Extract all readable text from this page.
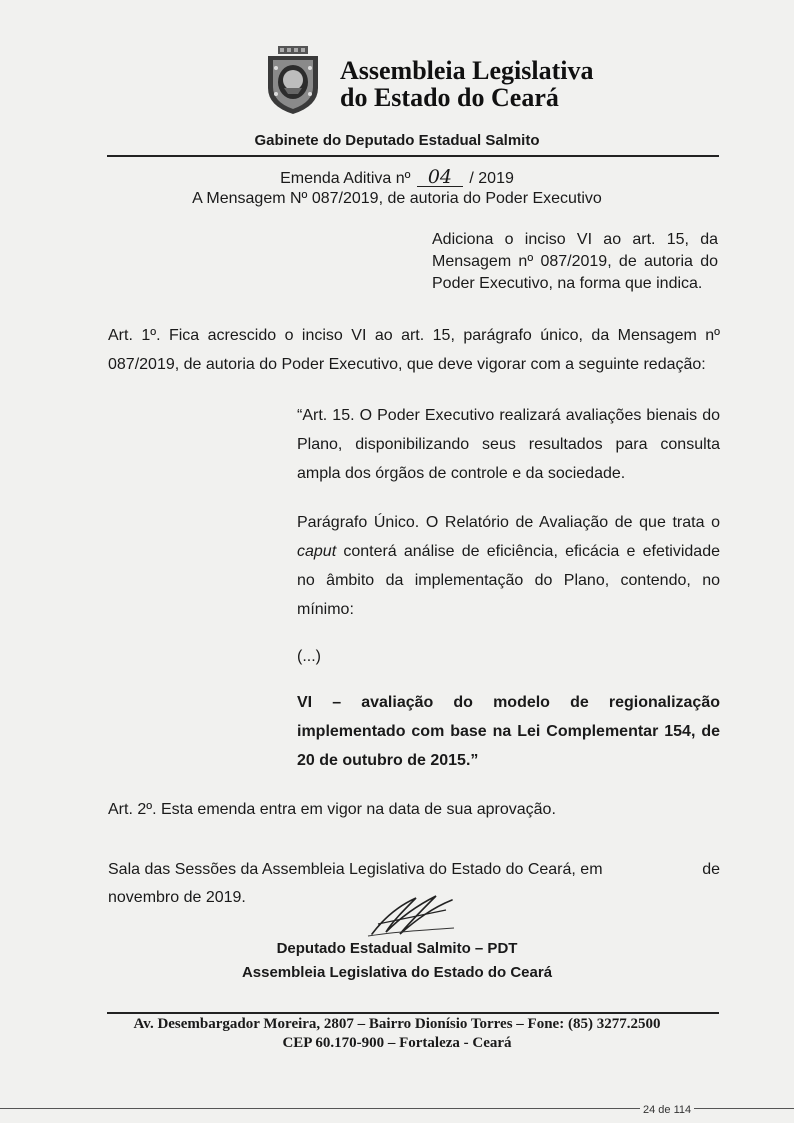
Assembleia Legislativa
do Estado do Ceará
Gabinete do Deputado Estadual Salmito
Emenda Aditiva nº 04 / 2019
A Mensagem Nº 087/2019, de autoria do Poder Executivo
Adiciona o inciso VI ao art. 15, da Mensagem nº 087/2019, de autoria do Poder Executivo, na forma que indica.
Art. 1º. Fica acrescido o inciso VI ao art. 15, parágrafo único, da Mensagem nº 087/2019, de autoria do Poder Executivo, que deve vigorar com a seguinte redação:
“Art. 15. O Poder Executivo realizará avaliações bienais do Plano, disponibilizando seus resultados para consulta ampla dos órgãos de controle e da sociedade.
Parágrafo Único. O Relatório de Avaliação de que trata o caput conterá análise de eficiência, eficácia e efetividade no âmbito da implementação do Plano, contendo, no mínimo:
(...)
VI – avaliação do modelo de regionalização implementado com base na Lei Complementar 154, de 20 de outubro de 2015.”
Art. 2º. Esta emenda entra em vigor na data de sua aprovação.
Sala das Sessões da Assembleia Legislativa do Estado do Ceará, em	de
novembro de 2019.
Deputado Estadual Salmito – PDT
Assembleia Legislativa do Estado do Ceará
Av. Desembargador Moreira, 2807 – Bairro Dionísio Torres – Fone: (85) 3277.2500
CEP 60.170-900 – Fortaleza - Ceará
24 de 114
